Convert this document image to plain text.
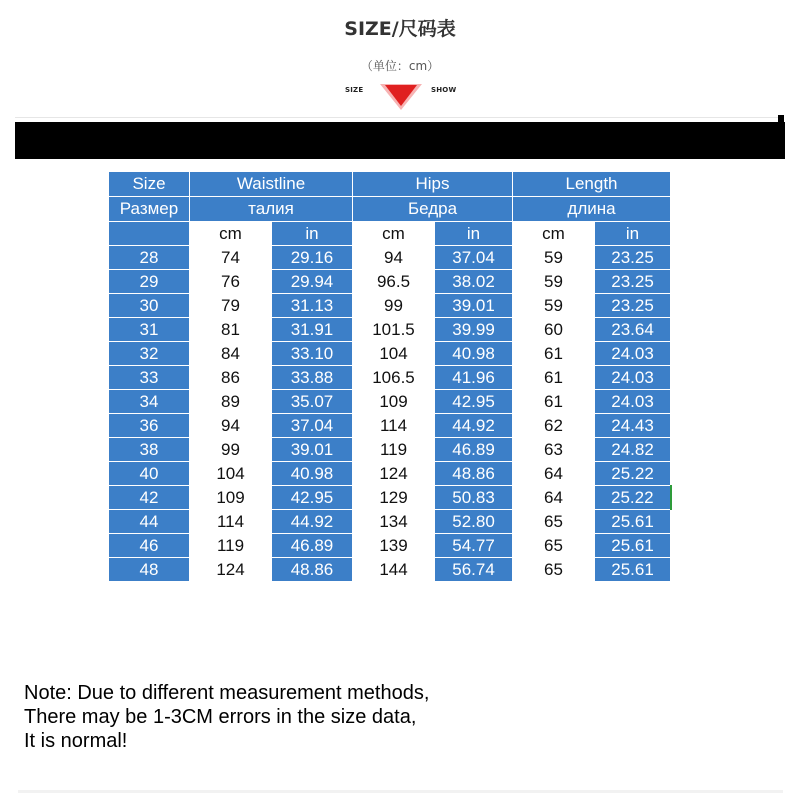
SIZE/尺码表
（单位：cm）
SIZE	SHOW
Size	Waistline		Hips		Length	
Размер	талия		Бедра		длина	
	cm	in	cm	in	cm	in
28	74	29.16	94	37.04	59	23.25
29	76	29.94	96.5	38.02	59	23.25
30	79	31.13	99	39.01	59	23.25
31	81	31.91	101.5	39.99	60	23.64
32	84	33.10	104	40.98	61	24.03
33	86	33.88	106.5	41.96	61	24.03
34	89	35.07	109	42.95	61	24.03
36	94	37.04	114	44.92	62	24.43
38	99	39.01	119	46.89	63	24.82
40	104	40.98	124	48.86	64	25.22
42	109	42.95	129	50.83	64	25.22
44	114	44.92	134	52.80	65	25.61
46	119	46.89	139	54.77	65	25.61
48	124	48.86	144	56.74	65	25.61
Note: Due to different measurement methods,
There may be 1-3CM errors in the size data,
It is normal!
